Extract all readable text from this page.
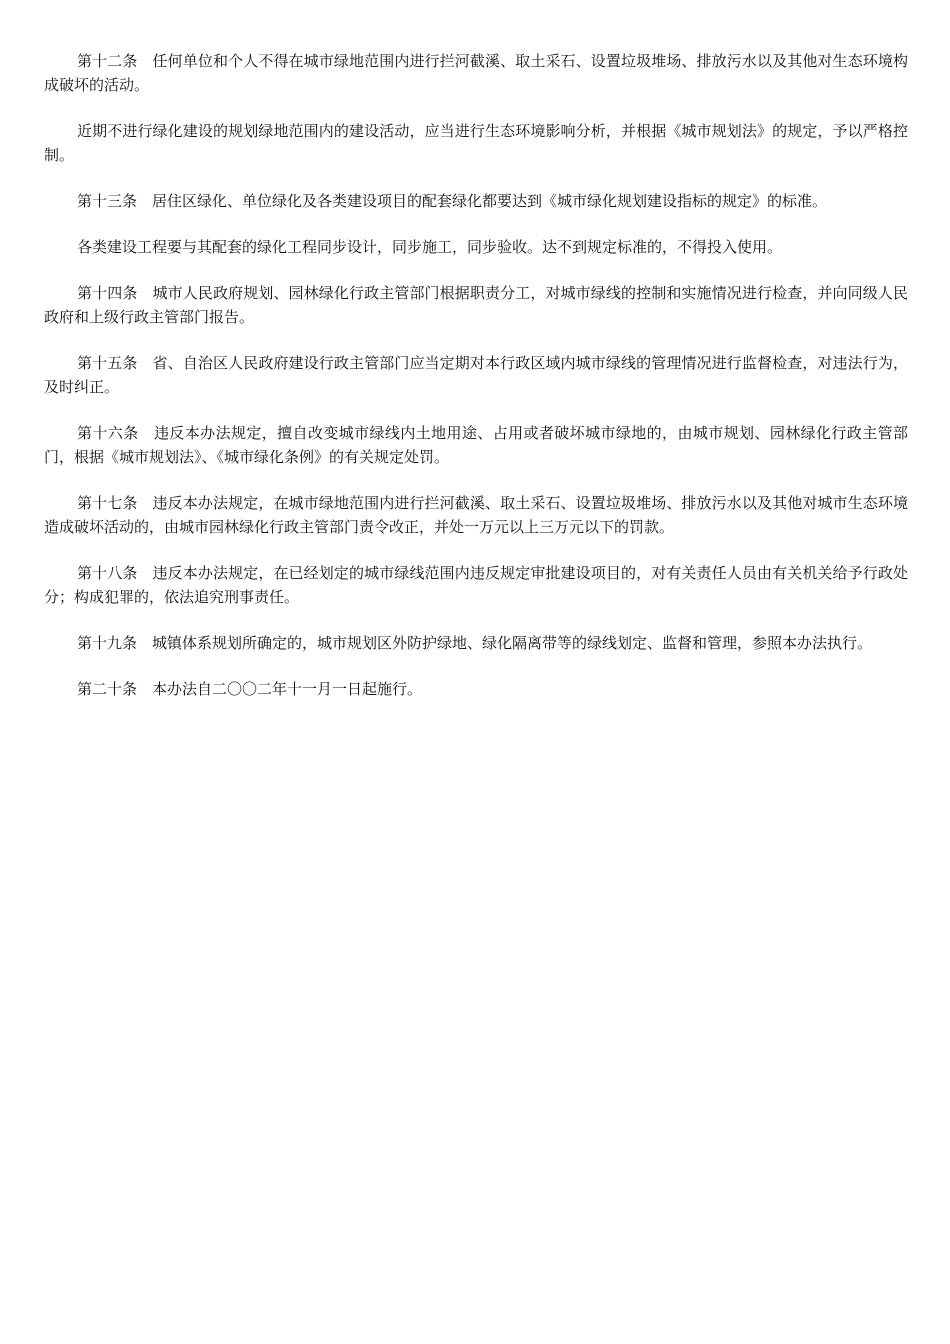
第十二条　任何单位和个人不得在城市绿地范围内进行拦河截溪、取土采石、设置垃圾堆场、排放污水以及其他对生态环境构成破坏的活动。

近期不进行绿化建设的规划绿地范围内的建设活动，应当进行生态环境影响分析，并根据《城市规划法》的规定，予以严格控制。

第十三条　居住区绿化、单位绿化及各类建设项目的配套绿化都要达到《城市绿化规划建设指标的规定》的标准。

各类建设工程要与其配套的绿化工程同步设计，同步施工，同步验收。达不到规定标准的，不得投入使用。

第十四条　城市人民政府规划、园林绿化行政主管部门根据职责分工，对城市绿线的控制和实施情况进行检查，并向同级人民政府和上级行政主管部门报告。

第十五条　省、自治区人民政府建设行政主管部门应当定期对本行政区域内城市绿线的管理情况进行监督检查，对违法行为，及时纠正。

第十六条　违反本办法规定，擅自改变城市绿线内土地用途、占用或者破坏城市绿地的，由城市规划、园林绿化行政主管部门，根据《城市规划法》、《城市绿化条例》的有关规定处罚。

第十七条　违反本办法规定，在城市绿地范围内进行拦河截溪、取土采石、设置垃圾堆场、排放污水以及其他对城市生态环境造成破坏活动的，由城市园林绿化行政主管部门责令改正，并处一万元以上三万元以下的罚款。

第十八条　违反本办法规定，在已经划定的城市绿线范围内违反规定审批建设项目的，对有关责任人员由有关机关给予行政处分；构成犯罪的，依法追究刑事责任。

第十九条　城镇体系规划所确定的，城市规划区外防护绿地、绿化隔离带等的绿线划定、监督和管理，参照本办法执行。

第二十条　本办法自二〇〇二年十一月一日起施行。
